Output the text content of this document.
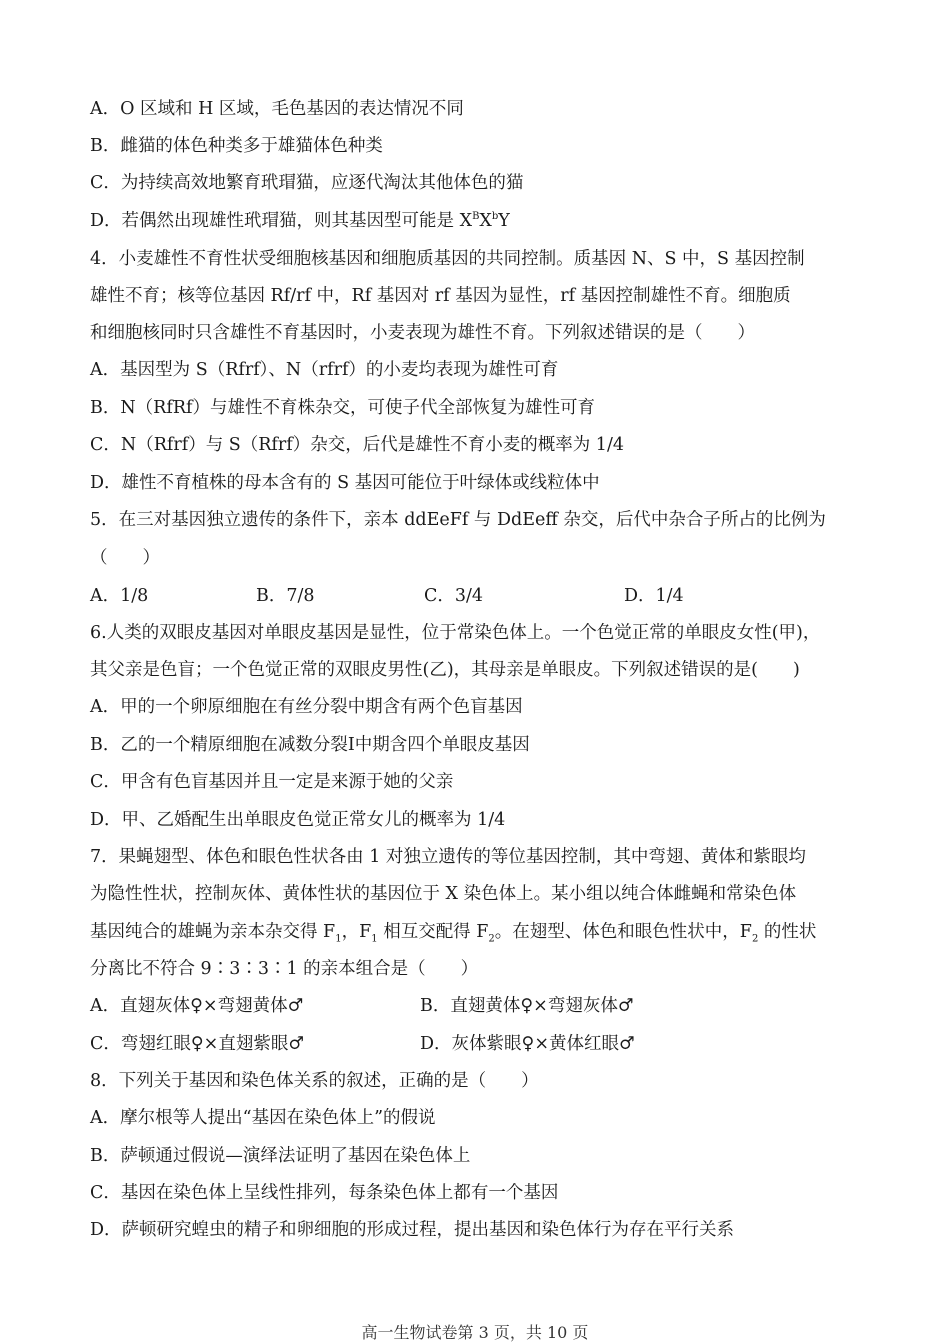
A．O 区域和 H 区域，毛色基因的表达情况不同
B．雌猫的体色种类多于雄猫体色种类
C．为持续高效地繁育玳瑁猫，应逐代淘汰其他体色的猫
D．若偶然出现雄性玳瑁猫，则其基因型可能是 $X^BX^bY$
4．小麦雄性不育性状受细胞核基因和细胞质基因的共同控制。质基因 N、S 中，S 基因控制
雄性不育；核等位基因 Rf/rf 中，Rf 基因对 rf 基因为显性，rf 基因控制雄性不育。细胞质
和细胞核同时只含雄性不育基因时，小麦表现为雄性不育。下列叙述错误的是（　　）
A．基因型为 S（Rfrf）、N（rfrf）的小麦均表现为雄性可育
B．N（RfRf）与雄性不育株杂交，可使子代全部恢复为雄性可育
C．N（Rfrf）与 S（Rfrf）杂交，后代是雄性不育小麦的概率为 1/4
D．雄性不育植株的母本含有的 S 基因可能位于叶绿体或线粒体中
5．在三对基因独立遗传的条件下，亲本 ddEeFf 与 DdEeff 杂交，后代中杂合子所占的比例为
（　　）
A．1/8	B．7/8	C．3/4	D．1/4
6.人类的双眼皮基因对单眼皮基因是显性，位于常染色体上。一个色觉正常的单眼皮女性(甲)，
其父亲是色盲；一个色觉正常的双眼皮男性(乙)，其母亲是单眼皮。下列叙述错误的是(　　)
A．甲的一个卵原细胞在有丝分裂中期含有两个色盲基因
B．乙的一个精原细胞在减数分裂Ⅰ中期含四个单眼皮基因
C．甲含有色盲基因并且一定是来源于她的父亲
D．甲、乙婚配生出单眼皮色觉正常女儿的概率为 1/4
7．果蝇翅型、体色和眼色性状各由 1 对独立遗传的等位基因控制，其中弯翅、黄体和紫眼均
为隐性性状，控制灰体、黄体性状的基因位于 X 染色体上。某小组以纯合体雌蝇和常染色体
基因纯合的雄蝇为亲本杂交得 $F_1$，$F_1$ 相互交配得 $F_2$。在翅型、体色和眼色性状中，$F_2$ 的性状
分离比不符合 9∶3∶3∶1 的亲本组合是（　　）
A．直翅灰体♀×弯翅黄体♂	B．直翅黄体♀×弯翅灰体♂
C．弯翅红眼♀×直翅紫眼♂	D．灰体紫眼♀×黄体红眼♂
8．下列关于基因和染色体关系的叙述，正确的是（　　）
A．摩尔根等人提出“基因在染色体上”的假说
B．萨顿通过假说—演绎法证明了基因在染色体上
C．基因在染色体上呈线性排列，每条染色体上都有一个基因
D．萨顿研究蝗虫的精子和卵细胞的形成过程，提出基因和染色体行为存在平行关系
高一生物试卷第 3 页，共 10 页
